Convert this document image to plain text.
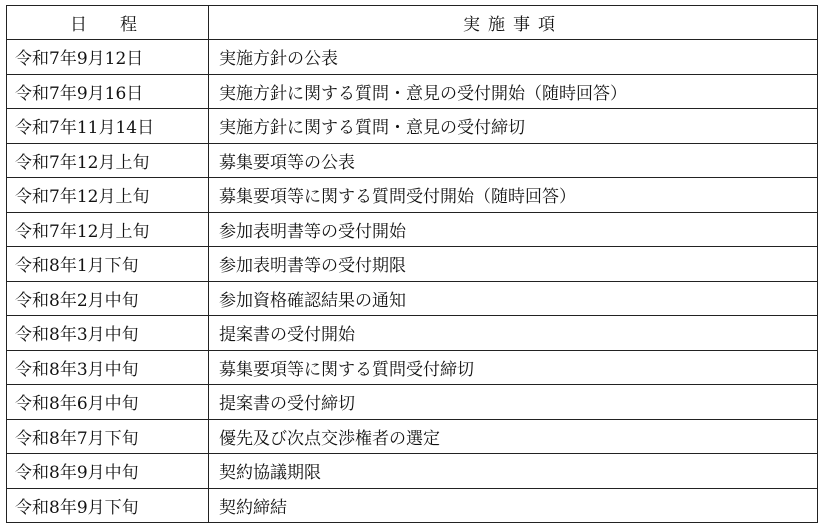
日　程	実施事項
令和7年9月12日	実施方針の公表
令和7年9月16日	実施方針に関する質問・意見の受付開始（随時回答）
令和7年11月14日	実施方針に関する質問・意見の受付締切
令和7年12月上旬	募集要項等の公表
令和7年12月上旬	募集要項等に関する質問受付開始（随時回答）
令和7年12月上旬	参加表明書等の受付開始
令和8年1月下旬	参加表明書等の受付期限
令和8年2月中旬	参加資格確認結果の通知
令和8年3月中旬	提案書の受付開始
令和8年3月中旬	募集要項等に関する質問受付締切
令和8年6月中旬	提案書の受付締切
令和8年7月下旬	優先及び次点交渉権者の選定
令和8年9月中旬	契約協議期限
令和8年9月下旬	契約締結
